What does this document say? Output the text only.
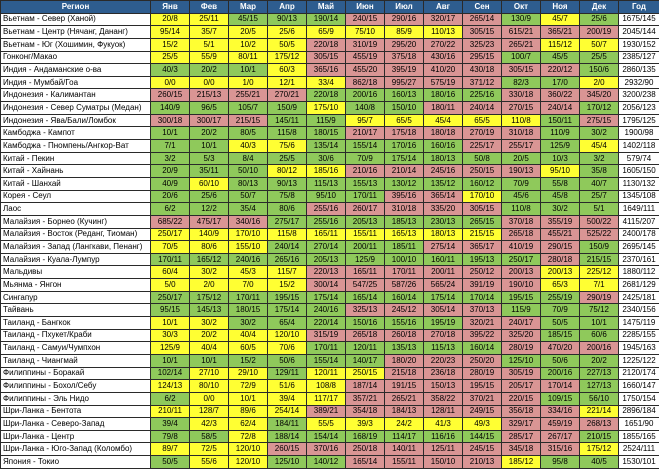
Регион	Янв	Фев	Мар	Апр	Май	Июн	Июл	Авг	Сен	Окт	Ноя	Дек	Год
Вьетнам - Север (Ханой)	20/8	25/11	45/15	90/13	190/14	240/15	290/16	320/17	265/14	130/9	45/7	25/6	1675/145
Вьетнам - Центр (Нячанг, Дананг)	95/14	35/7	20/5	25/6	65/9	75/10	85/9	110/13	305/15	615/21	365/21	200/19	2045/144
Вьетнам - Юг (Хошимин, Фукуок)	15/2	5/1	10/2	50/5	220/18	310/19	295/20	270/22	325/23	265/21	115/12	50/7	1930/152
Гонконг/Макао	25/5	55/9	80/11	175/12	305/15	455/19	375/18	430/16	295/15	100/7	45/5	25/5	2385/127
Индия - Андаманские о-ва	40/3	20/2	10/1	60/3	365/16	455/20	395/19	410/20	430/18	305/15	220/12	150/6	2860/135
Индия - Мумбай/Гоа	0/0	0/0	1/0	12/1	33/4	862/18	995/27	575/19	371/12	82/3	17/0	2/0	2932/90
Индонезия - Калимантан	260/15	215/13	255/21	270/21	220/18	200/16	160/13	180/16	225/16	330/18	360/22	345/20	3200/238
Индонезия - Север Суматры (Медан)	140/9	96/5	105/7	150/9	175/10	140/8	150/10	180/11	240/14	270/15	240/14	170/12	2056/123
Индонезия - Ява/Бали/Ломбок	300/18	300/17	215/15	145/11	115/9	95/7	65/5	45/4	65/5	110/8	150/11	275/15	1795/125
Камбоджа - Кампот	10/1	20/2	80/5	115/8	180/15	210/17	175/18	180/18	270/19	310/18	110/9	30/2	1900/98
Камбоджа - Пномпень/Ангкор-Ват	7/1	10/1	40/3	75/6	135/14	155/14	170/16	160/16	225/17	255/17	125/9	45/4	1402/118
Китай - Пекин	3/2	5/3	8/4	25/5	30/6	70/9	175/14	180/13	50/8	20/5	10/3	3/2	579/74
Китай - Хайнань	20/9	35/11	50/10	80/12	185/16	210/16	210/14	245/16	250/15	190/13	95/10	35/8	1605/150
Китай - Шанхай	40/9	60/10	80/13	90/13	115/13	155/13	130/12	135/12	160/12	70/9	55/8	40/7	1130/132
Корея - Сеул	20/6	25/6	50/7	75/8	95/10	170/11	395/16	365/14	170/10	45/6	45/8	25/7	1345/108
Лаос	6/2	12/2	35/4	80/6	255/16	260/17	310/18	335/20	305/15	110/8	30/2	5/1	1649/111
Малайзия - Борнео (Кучинг)	685/22	475/17	340/16	275/17	255/16	205/13	185/13	230/13	265/15	370/18	355/19	500/22	4115/207
Малайзия - Восток (Реданг, Тиоман)	250/17	140/9	170/10	115/8	165/11	155/11	165/13	180/13	215/15	265/18	455/21	525/22	2400/178
Малайзия - Запад (Лангкави, Пенанг)	70/5	80/6	155/10	240/14	270/14	200/11	185/11	275/14	365/17	410/19	290/15	150/9	2695/145
Малайзия - Куала-Лумпур	170/11	165/12	240/16	265/16	205/13	125/9	100/10	160/11	195/13	250/17	280/18	215/15	2370/161
Мальдивы	60/4	30/2	45/3	115/7	220/13	165/11	170/11	200/11	250/12	200/13	200/13	225/12	1880/112
Мьянма - Янгон	5/0	2/0	7/0	15/2	300/14	547/25	587/26	565/24	391/19	190/10	65/3	7/1	2681/129
Сингапур	250/17	175/12	170/11	195/15	175/14	165/14	160/14	175/14	170/14	195/15	255/19	290/19	2425/181
Тайвань	95/15	145/13	180/15	175/14	240/16	325/13	245/12	305/14	370/13	115/9	70/9	75/12	2340/156
Таиланд - Бангкок	10/1	30/2	30/2	65/4	220/14	150/16	155/16	195/19	320/21	240/17	50/5	10/1	1475/119
Таиланд - Пхукет/Краби	30/3	20/2	40/4	120/10	315/19	265/18	260/18	270/18	395/22	325/20	185/15	60/6	2285/155
Таиланд - Самуи/Чумпхон	125/9	40/4	60/5	70/6	170/11	120/11	135/13	115/13	160/14	280/19	470/20	200/16	1945/163
Таиланд - Чиангмай	10/1	10/1	15/2	50/6	155/14	140/17	180/20	220/23	250/20	125/10	50/6	20/2	1225/122
Филиппины - Боракай	102/14	27/10	29/10	129/11	120/11	250/15	215/18	236/18	280/19	305/19	200/16	227/13	2120/174
Филиппины - Бохол/Себу	124/13	80/10	72/9	51/6	108/8	187/14	191/15	150/13	195/15	205/17	170/14	127/13	1660/147
Филиппины - Эль Нидо	6/2	0/0	10/1	39/4	117/17	357/21	265/21	358/22	370/21	220/15	109/15	56/10	1750/154
Шри-Ланка - Бентота	210/11	128/7	89/6	254/14	389/21	354/18	184/13	128/11	249/15	356/18	334/16	221/14	2896/184
Шри-Ланка - Северо-Запад	39/4	42/3	62/4	184/11	55/5	39/3	24/2	41/3	49/3	329/17	459/19	268/13	1651/90
Шри-Ланка - Центр	79/8	58/5	72/8	188/14	154/14	168/19	114/17	116/16	144/15	285/17	267/17	210/15	1855/165
Шри-Ланка - Юго-Запад (Коломбо)	89/7	72/5	120/10	260/15	370/16	250/18	140/11	125/11	245/15	345/18	315/16	175/12	2524/111
Япония - Токио	50/5	55/6	120/10	125/10	140/12	165/14	155/11	150/10	210/13	185/12	95/8	40/5	1530/101
